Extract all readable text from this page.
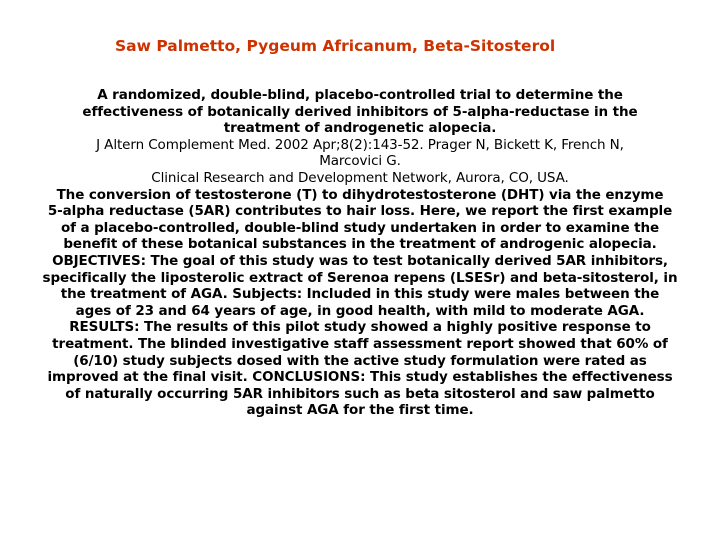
Saw Palmetto, Pygeum Africanum, Beta-Sitosterol
A randomized, double-blind, placebo-controlled trial to determine the
effectiveness of botanically derived inhibitors of 5-alpha-reductase in the
treatment of androgenetic alopecia.
J Altern Complement Med. 2002 Apr;8(2):143-52. Prager N, Bickett K, French N,
Marcovici G.
Clinical Research and Development Network, Aurora, CO, USA.
The conversion of testosterone (T) to dihydrotestosterone (DHT) via the enzyme
5-alpha reductase (5AR) contributes to hair loss. Here, we report the first example
of a placebo-controlled, double-blind study undertaken in order to examine the
benefit of these botanical substances in the treatment of androgenic alopecia.
OBJECTIVES: The goal of this study was to test botanically derived 5AR inhibitors,
specifically the liposterolic extract of Serenoa repens (LSESr) and beta-sitosterol, in
the treatment of AGA. Subjects: Included in this study were males between the
ages of 23 and 64 years of age, in good health, with mild to moderate AGA.
RESULTS: The results of this pilot study showed a highly positive response to
treatment. The blinded investigative staff assessment report showed that 60% of
(6/10) study subjects dosed with the active study formulation were rated as
improved at the final visit. CONCLUSIONS: This study establishes the effectiveness
of naturally occurring 5AR inhibitors such as beta sitosterol and saw palmetto
against AGA for the first time.
